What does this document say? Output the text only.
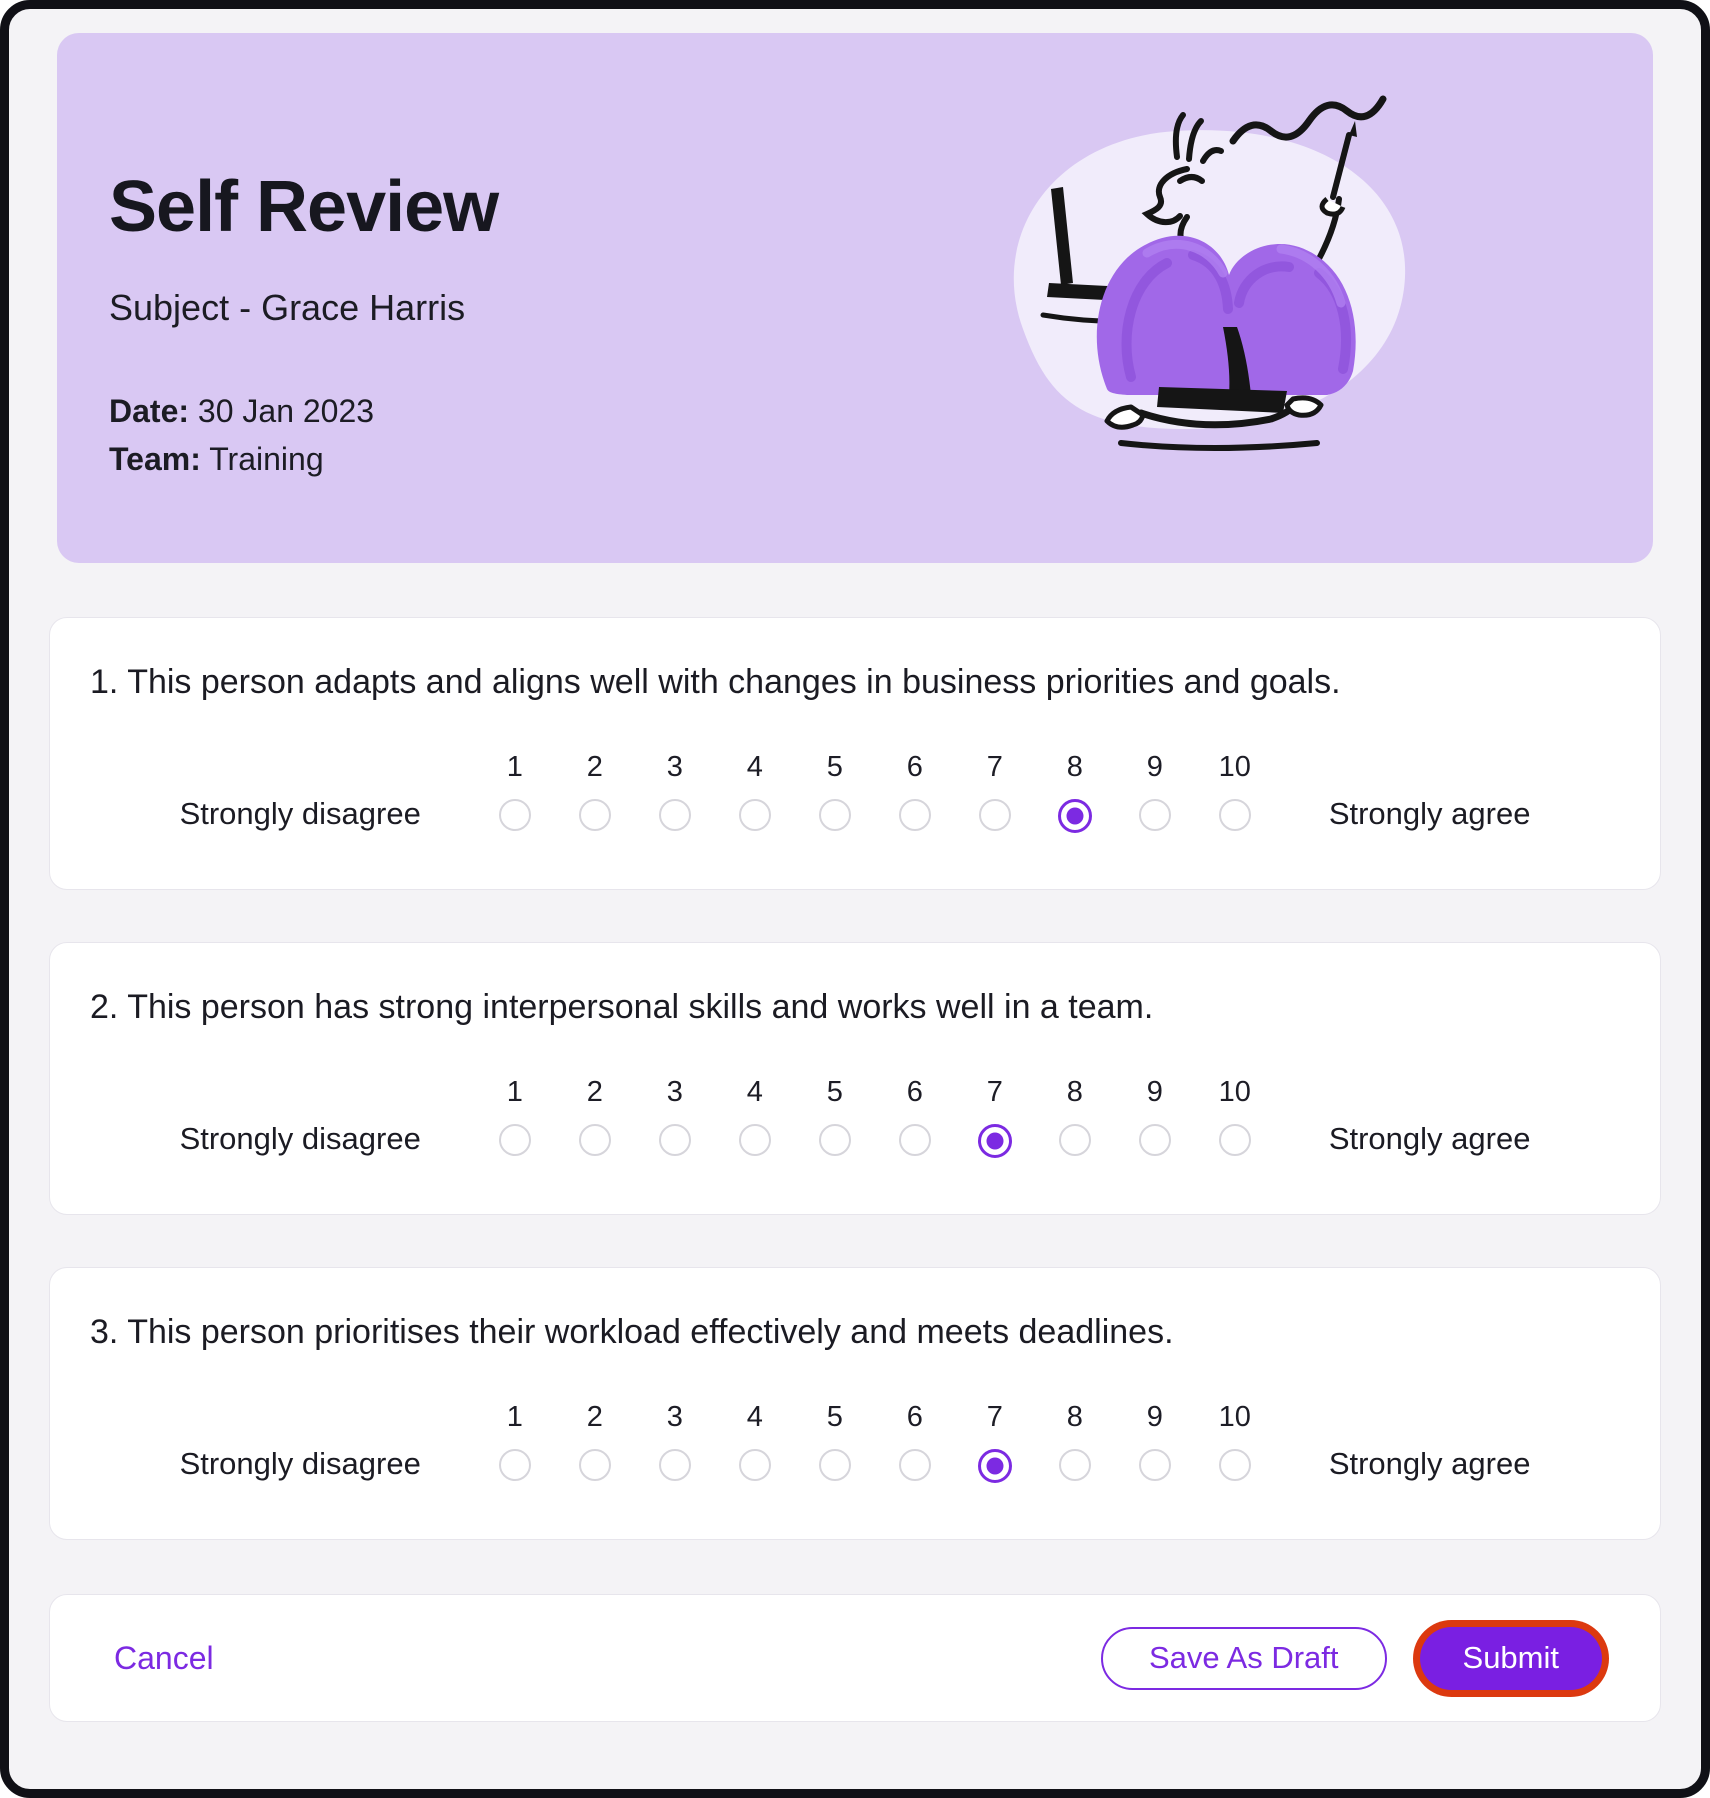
Self Review
Subject - Grace Harris
Date: 30 Jan 2023
Team: Training
1. This person adapts and aligns well with changes in business priorities and goals.
Strongly disagree
1 2 3 4 5 6 7 8 9 10
Strongly agree
2. This person has strong interpersonal skills and works well in a team.
Strongly disagree
1 2 3 4 5 6 7 8 9 10
Strongly agree
3. This person prioritises their workload effectively and meets deadlines.
Strongly disagree
1 2 3 4 5 6 7 8 9 10
Strongly agree
Cancel	Save As Draft	Submit
